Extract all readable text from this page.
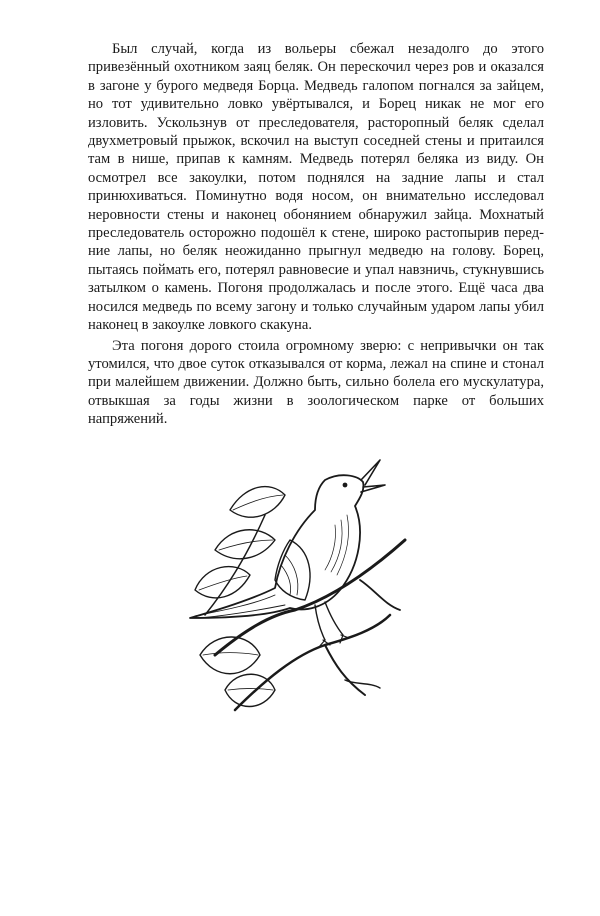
Был случай, когда из вольеры сбежал незадолго до этого привезённый охотником заяц беляк. Он перескочил через ров и оказался в загоне у бурого медведя Борца. Медведь галопом погнался за зайцем, но тот удивительно ловко увёртывался, и Борец никак не мог его изловить. Ускользнув от преследователя, расторопный беляк сделал двухметровый прыжок, вскочил на выступ соседней стены и притаился там в нише, припав к камням. Медведь потерял беляка из виду. Он осмотрел все закоулки, потом поднялся на задние лапы и стал принюхиваться. Поминутно водя носом, он внимательно исследовал неровности стены и наконец обонянием обнаружил зайца. Мохнатый преследователь осторожно подошёл к стене, широко растопырив передние лапы, но беляк неожиданно прыгнул медведю на голову. Борец, пытаясь поймать его, потерял равновесие и упал навзничь, стукнувшись затылком о камень. Погоня продолжалась и после этого. Ещё часа два носился медведь по всему загону и только случайным ударом лапы убил наконец в закоулке ловкого скакуна.

Эта погоня дорого стоила огромному зверю: с непривычки он так утомился, что двое суток отказывался от корма, лежал на спине и стонал при малейшем движении. Должно быть, сильно болела его мускулатура, отвыкшая за годы жизни в зоологическом парке от больших напряжений.
